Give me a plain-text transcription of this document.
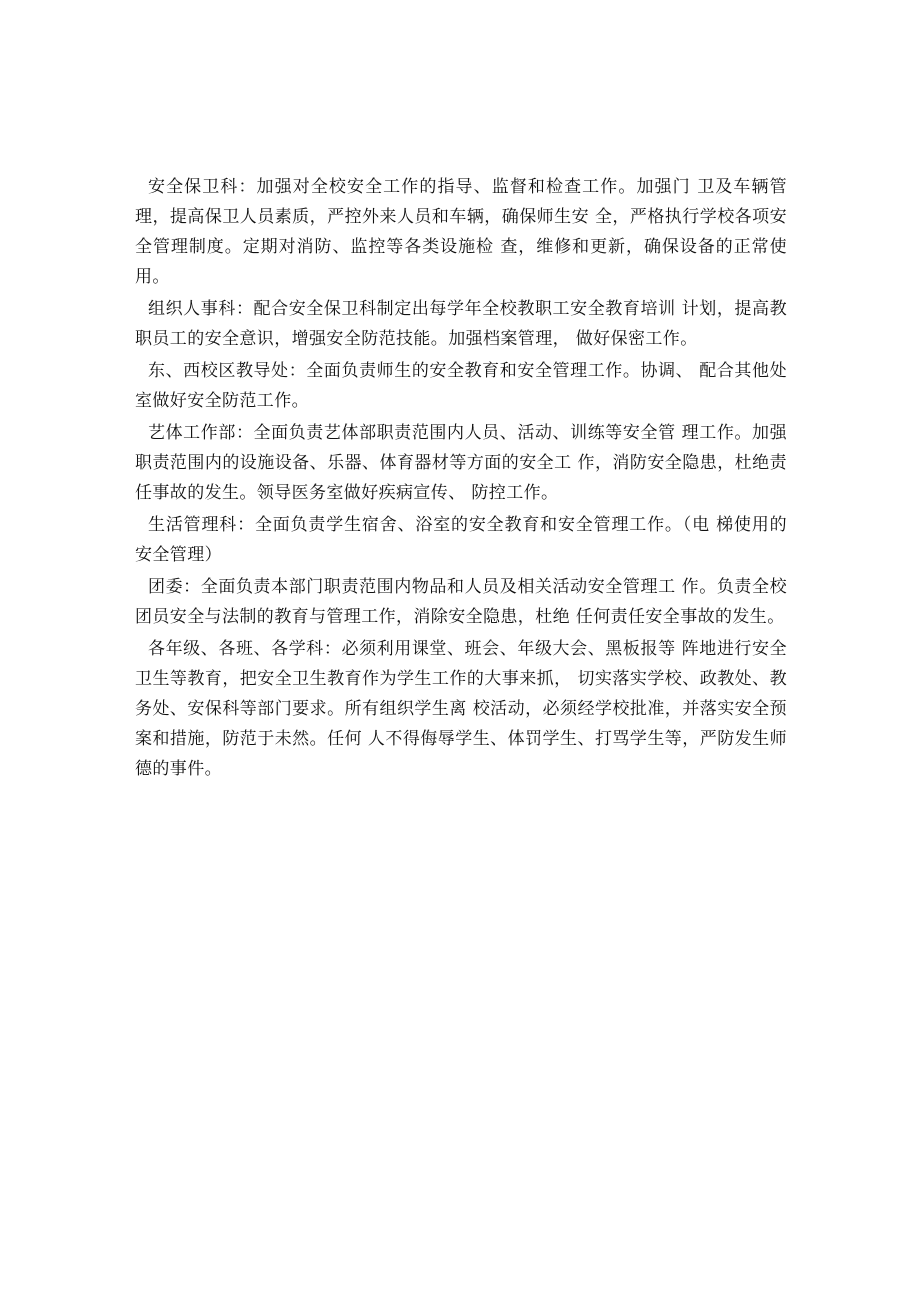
安全保卫科：加强对全校安全工作的指导、监督和检查工作。加强门 卫及车辆管理，提高保卫人员素质，严控外来人员和车辆，确保师生安 全，严格执行学校各项安全管理制度。定期对消防、监控等各类设施检 查，维修和更新，确保设备的正常使用。

组织人事科：配合安全保卫科制定出每学年全校教职工安全教育培训 计划，提高教职员工的安全意识，增强安全防范技能。加强档案管理， 做好保密工作。

东、西校区教导处：全面负责师生的安全教育和安全管理工作。协调、 配合其他处室做好安全防范工作。

艺体工作部：全面负责艺体部职责范围内人员、活动、训练等安全管 理工作。加强职责范围内的设施设备、乐器、体育器材等方面的安全工 作，消防安全隐患，杜绝责任事故的发生。领导医务室做好疾病宣传、 防控工作。

生活管理科：全面负责学生宿舍、浴室的安全教育和安全管理工作。（电 梯使用的安全管理）

团委：全面负责本部门职责范围内物品和人员及相关活动安全管理工 作。负责全校团员安全与法制的教育与管理工作，消除安全隐患，杜绝 任何责任安全事故的发生。

各年级、各班、各学科：必须利用课堂、班会、年级大会、黑板报等 阵地进行安全卫生等教育，把安全卫生教育作为学生工作的大事来抓， 切实落实学校、政教处、教务处、安保科等部门要求。所有组织学生离 校活动，必须经学校批准，并落实安全预案和措施，防范于未然。任何 人不得侮辱学生、体罚学生、打骂学生等，严防发生师德的事件。
